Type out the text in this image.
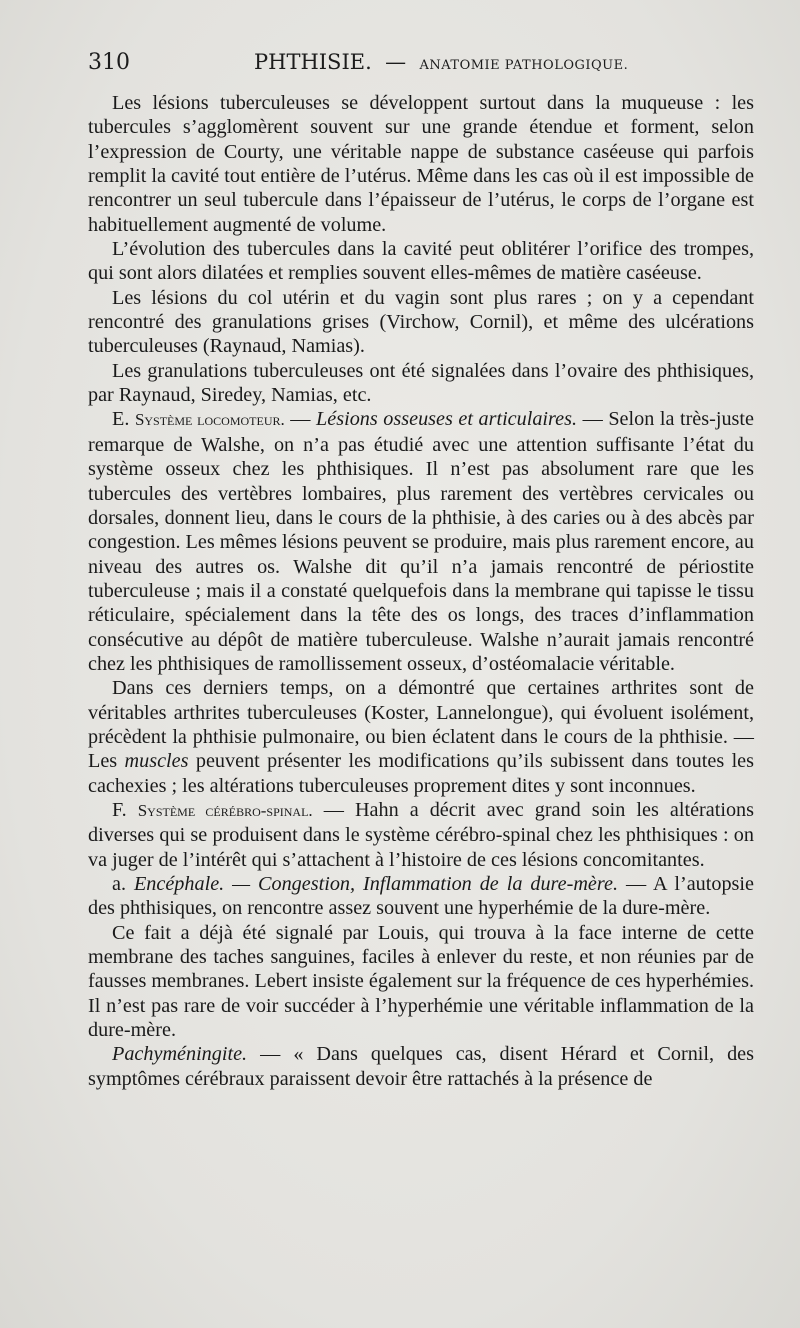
310	PHTHISIE. — ANATOMIE PATHOLOGIQUE.

Les lésions tuberculeuses se développent surtout dans la muqueuse : les tubercules s’agglomèrent souvent sur une grande étendue et forment, selon l’expression de Courty, une véritable nappe de substance caséeuse qui parfois remplit la cavité tout entière de l’utérus. Même dans les cas où il est impossible de rencontrer un seul tubercule dans l’épaisseur de l’utérus, le corps de l’organe est habituellement augmenté de volume.

L’évolution des tubercules dans la cavité peut oblitérer l’orifice des trompes, qui sont alors dilatées et remplies souvent elles-mêmes de matière caséeuse.

Les lésions du col utérin et du vagin sont plus rares ; on y a cependant rencontré des granulations grises (Virchow, Cornil), et même des ulcérations tuberculeuses (Raynaud, Namias).

Les granulations tuberculeuses ont été signalées dans l’ovaire des phthisiques, par Raynaud, Siredey, Namias, etc.

E. Système locomoteur. — Lésions osseuses et articulaires. — Selon la très-juste remarque de Walshe, on n’a pas étudié avec une attention suffisante l’état du système osseux chez les phthisiques. Il n’est pas absolument rare que les tubercules des vertèbres lombaires, plus rarement des vertèbres cervicales ou dorsales, donnent lieu, dans le cours de la phthisie, à des caries ou à des abcès par congestion. Les mêmes lésions peuvent se produire, mais plus rarement encore, au niveau des autres os. Walshe dit qu’il n’a jamais rencontré de périostite tuberculeuse ; mais il a constaté quelquefois dans la membrane qui tapisse le tissu réticulaire, spécialement dans la tête des os longs, des traces d’inflammation consécutive au dépôt de matière tuberculeuse. Walshe n’aurait jamais rencontré chez les phthisiques de ramollissement osseux, d’ostéomalacie véritable.

Dans ces derniers temps, on a démontré que certaines arthrites sont de véritables arthrites tuberculeuses (Koster, Lannelongue), qui évoluent isolément, précèdent la phthisie pulmonaire, ou bien éclatent dans le cours de la phthisie. — Les muscles peuvent présenter les modifications qu’ils subissent dans toutes les cachexies ; les altérations tuberculeuses proprement dites y sont inconnues.

F. Système cérébro-spinal. — Hahn a décrit avec grand soin les altérations diverses qui se produisent dans le système cérébro-spinal chez les phthisiques : on va juger de l’intérêt qui s’attachent à l’histoire de ces lésions concomitantes.

a. Encéphale. — Congestion, Inflammation de la dure-mère. — A l’autopsie des phthisiques, on rencontre assez souvent une hyperhémie de la dure-mère.

Ce fait a déjà été signalé par Louis, qui trouva à la face interne de cette membrane des taches sanguines, faciles à enlever du reste, et non réunies par de fausses membranes. Lebert insiste également sur la fréquence de ces hyperhémies. Il n’est pas rare de voir succéder à l’hyperhémie une véritable inflammation de la dure-mère.

Pachyméningite. — « Dans quelques cas, disent Hérard et Cornil, des symptômes cérébraux paraissent devoir être rattachés à la présence de
